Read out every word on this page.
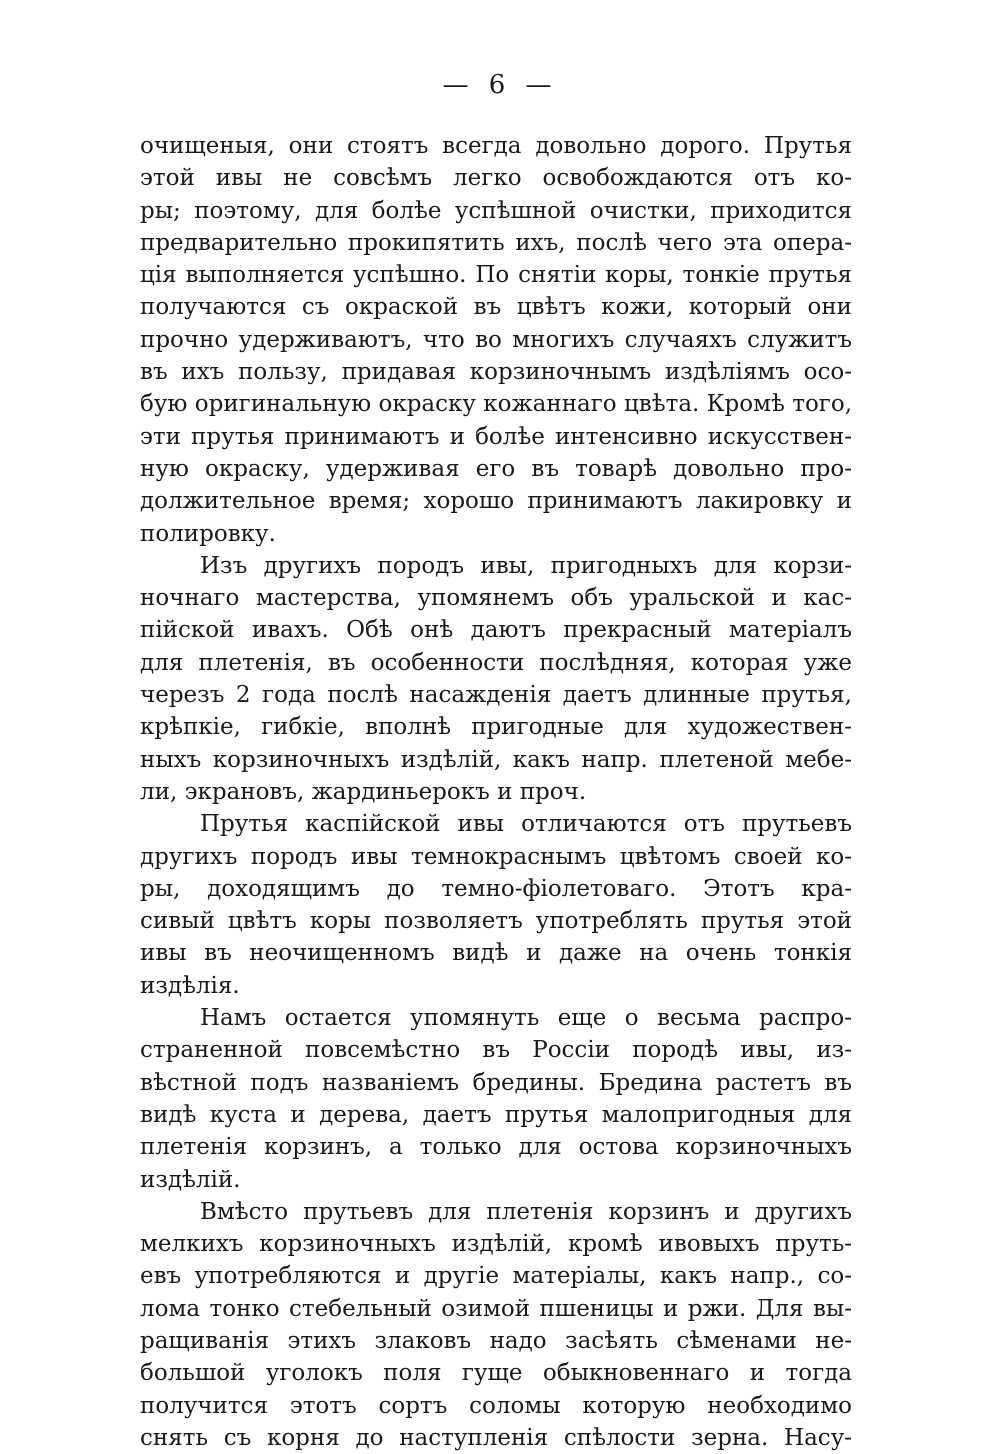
— 6 —
очищеныя, они стоятъ всегда довольно дорого. Прутья
этой ивы не совсѣмъ легко освобождаются отъ ко-
ры; поэтому, для болѣе успѣшной очистки, приходится
предварительно прокипятить ихъ, послѣ чего эта опера-
ція выполняется успѣшно. По снятіи коры, тонкіе прутья
получаются съ окраской въ цвѣтъ кожи, который они
прочно удерживаютъ, что во многихъ случаяхъ служитъ
въ ихъ пользу, придавая корзиночнымъ издѣліямъ осо-
бую оригинальную окраску кожаннаго цвѣта. Кромѣ того,
эти прутья принимаютъ и болѣе интенсивно искусствен-
ную окраску, удерживая его въ товарѣ довольно про-
должительное время; хорошо принимаютъ лакировку и
полировку.
Изъ другихъ породъ ивы, пригодныхъ для корзи-
ночнаго мастерства, упомянемъ объ уральской и кас-
пійской ивахъ. Обѣ онѣ даютъ прекрасный матеріалъ
для плетенія, въ особенности послѣдняя, которая уже
черезъ 2 года послѣ насажденія даетъ длинные прутья,
крѣпкіе, гибкіе, вполнѣ пригодные для художествен-
ныхъ корзиночныхъ издѣлій, какъ напр. плетеной мебе-
ли, экрановъ, жардиньерокъ и проч.
Прутья каспійской ивы отличаются отъ прутьевъ
другихъ породъ ивы темнокраснымъ цвѣтомъ своей ко-
ры, доходящимъ до темно-фіолетоваго. Этотъ кра-
сивый цвѣтъ коры позволяетъ употреблять прутья этой
ивы въ неочищенномъ видѣ и даже на очень тонкія
издѣлія.
Намъ остается упомянуть еще о весьма распро-
страненной повсемѣстно въ Россіи породѣ ивы, из-
вѣстной подъ названіемъ бредины. Бредина растетъ въ
видѣ куста и дерева, даетъ прутья малопригодныя для
плетенія корзинъ, а только для остова корзиночныхъ
издѣлій.
Вмѣсто прутьевъ для плетенія корзинъ и другихъ
мелкихъ корзиночныхъ издѣлій, кромѣ ивовыхъ пруть-
евъ употребляются и другіе матеріалы, какъ напр., со-
лома тонко стебельный озимой пшеницы и ржи. Для вы-
ращиванія этихъ злаковъ надо засѣять сѣменами не-
большой уголокъ поля гуще обыкновеннаго и тогда
получится этотъ сортъ соломы которую необходимо
снять съ корня до наступленія спѣлости зерна. Насу-
